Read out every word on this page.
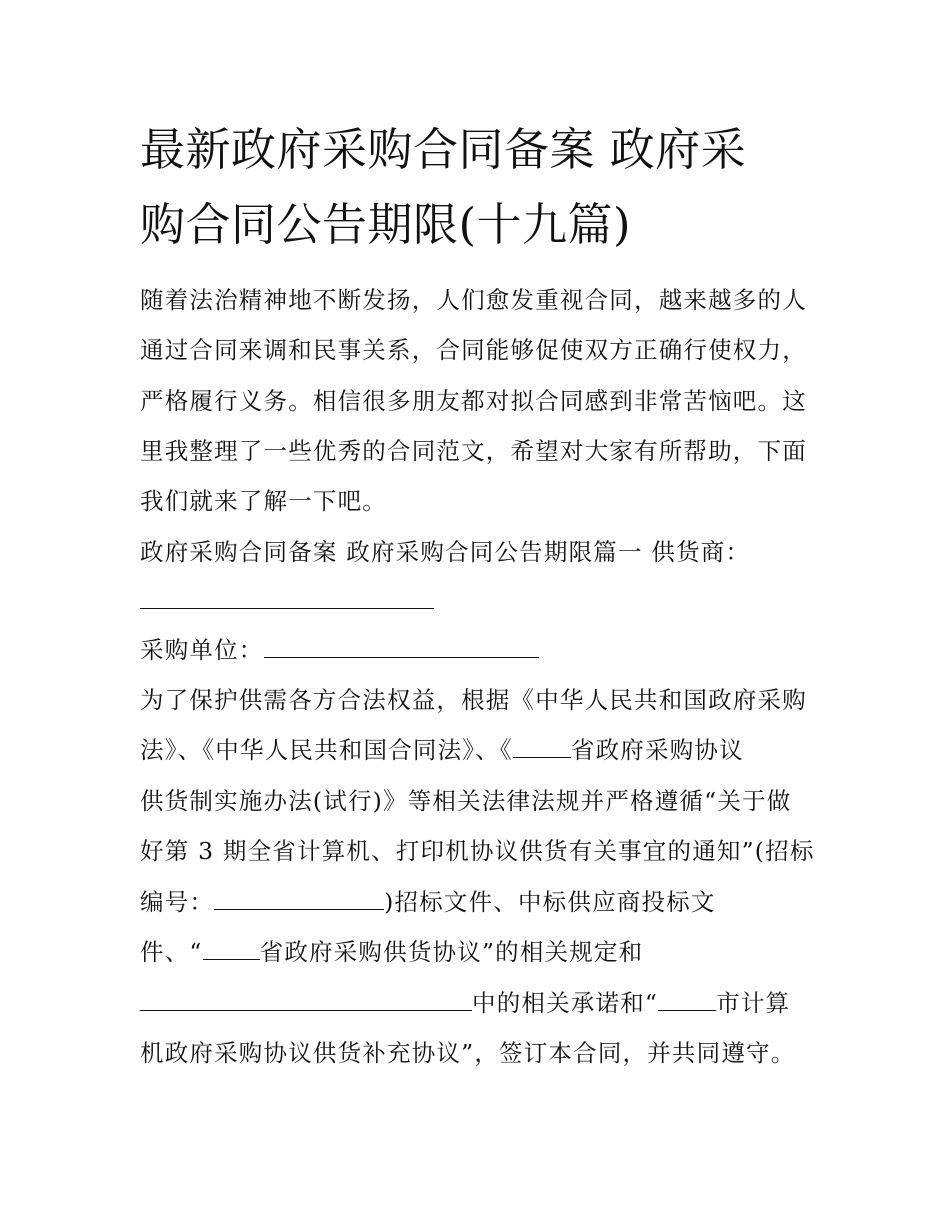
最新政府采购合同备案 政府采
购合同公告期限(十九篇)
随着法治精神地不断发扬，人们愈发重视合同，越来越多的人
通过合同来调和民事关系，合同能够促使双方正确行使权力，
严格履行义务。相信很多朋友都对拟合同感到非常苦恼吧。这
里我整理了一些优秀的合同范文，希望对大家有所帮助，下面
我们就来了解一下吧。
政府采购合同备案 政府采购合同公告期限篇一 供货商：
采购单位：
为了保护供需各方合法权益，根据《中华人民共和国政府采购
法》、《中华人民共和国合同法》、《 省政府采购协议
供货制实施办法(试行)》等相关法律法规并严格遵循“关于做
好第 3 期全省计算机、打印机协议供货有关事宜的通知”(招标
编号：	)招标文件、中标供应商投标文
件、“ 省政府采购供货协议”的相关规定和
中的相关承诺和“ 市计算
机政府采购协议供货补充协议”，签订本合同，并共同遵守。
